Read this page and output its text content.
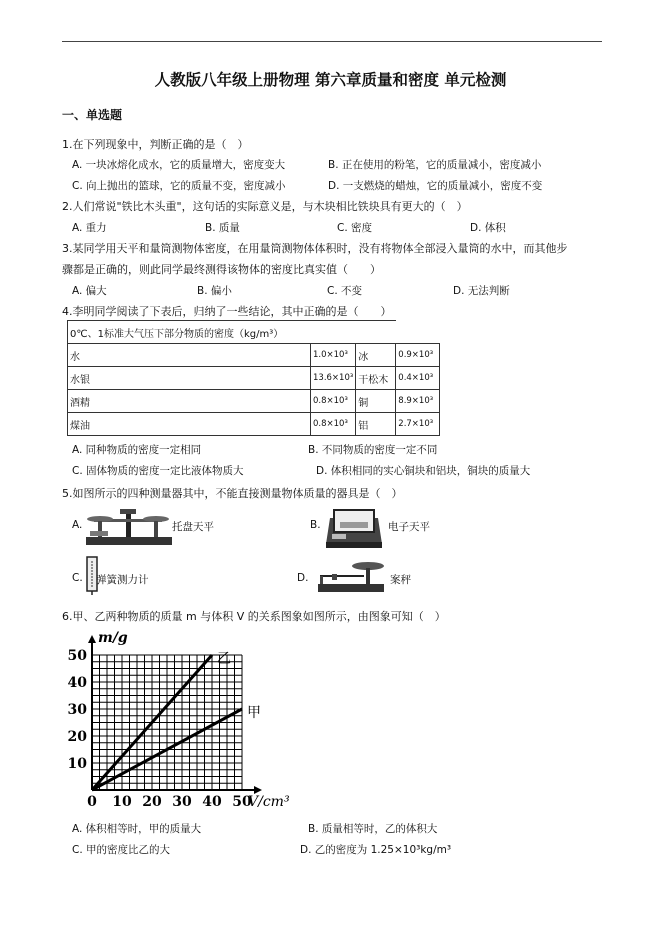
人教版八年级上册物理 第六章质量和密度 单元检测
一、单选题
1.在下列现象中，判断正确的是（　）
A. 一块冰熔化成水，它的质量增大，密度变大	B. 正在使用的粉笔，它的质量减小，密度减小
C. 向上抛出的篮球，它的质量不变，密度减小	D. 一支燃烧的蜡烛，它的质量减小，密度不变
2.人们常说"铁比木头重"，这句话的实际意义是，与木块相比铁块具有更大的（　）
A. 重力	B. 质量	C. 密度	D. 体积
3.某同学用天平和量筒测物体密度，在用量筒测物体体积时，没有将物体全部浸入量筒的水中，而其他步
骤都是正确的，则此同学最终测得该物体的密度比真实值（　　）
A. 偏大	B. 偏小	C. 不变	D. 无法判断
4.李明同学阅读了下表后，归纳了一些结论，其中正确的是（　　）
0℃、1标准大气压下部分物质的密度（kg/m³）			
水	1.0×10³	冰	0.9×10³
水银	13.6×10³	干松木	0.4×10³
酒精	0.8×10³	铜	8.9×10³
煤油	0.8×10³	铝	2.7×10³
A. 同种物质的密度一定相同	B. 不同物质的密度一定不同
C. 固体物质的密度一定比液体物质大	D. 体积相同的实心铜块和铝块，铜块的质量大
5.如图所示的四种测量器其中，不能直接测量物体质量的器具是（　）
A.	托盘天平	B.	电子天平
C. 弹簧测力计	D.	案秤
6.甲、乙两种物质的质量 m 与体积 V 的关系图象如图所示，由图象可知（　）
乙
甲
0 10 20 30 40 50
10
20
30
40
50
m/g
V/cm³
A. 体积相等时，甲的质量大	B. 质量相等时，乙的体积大
C. 甲的密度比乙的大	D. 乙的密度为 1.25×10³kg/m³
